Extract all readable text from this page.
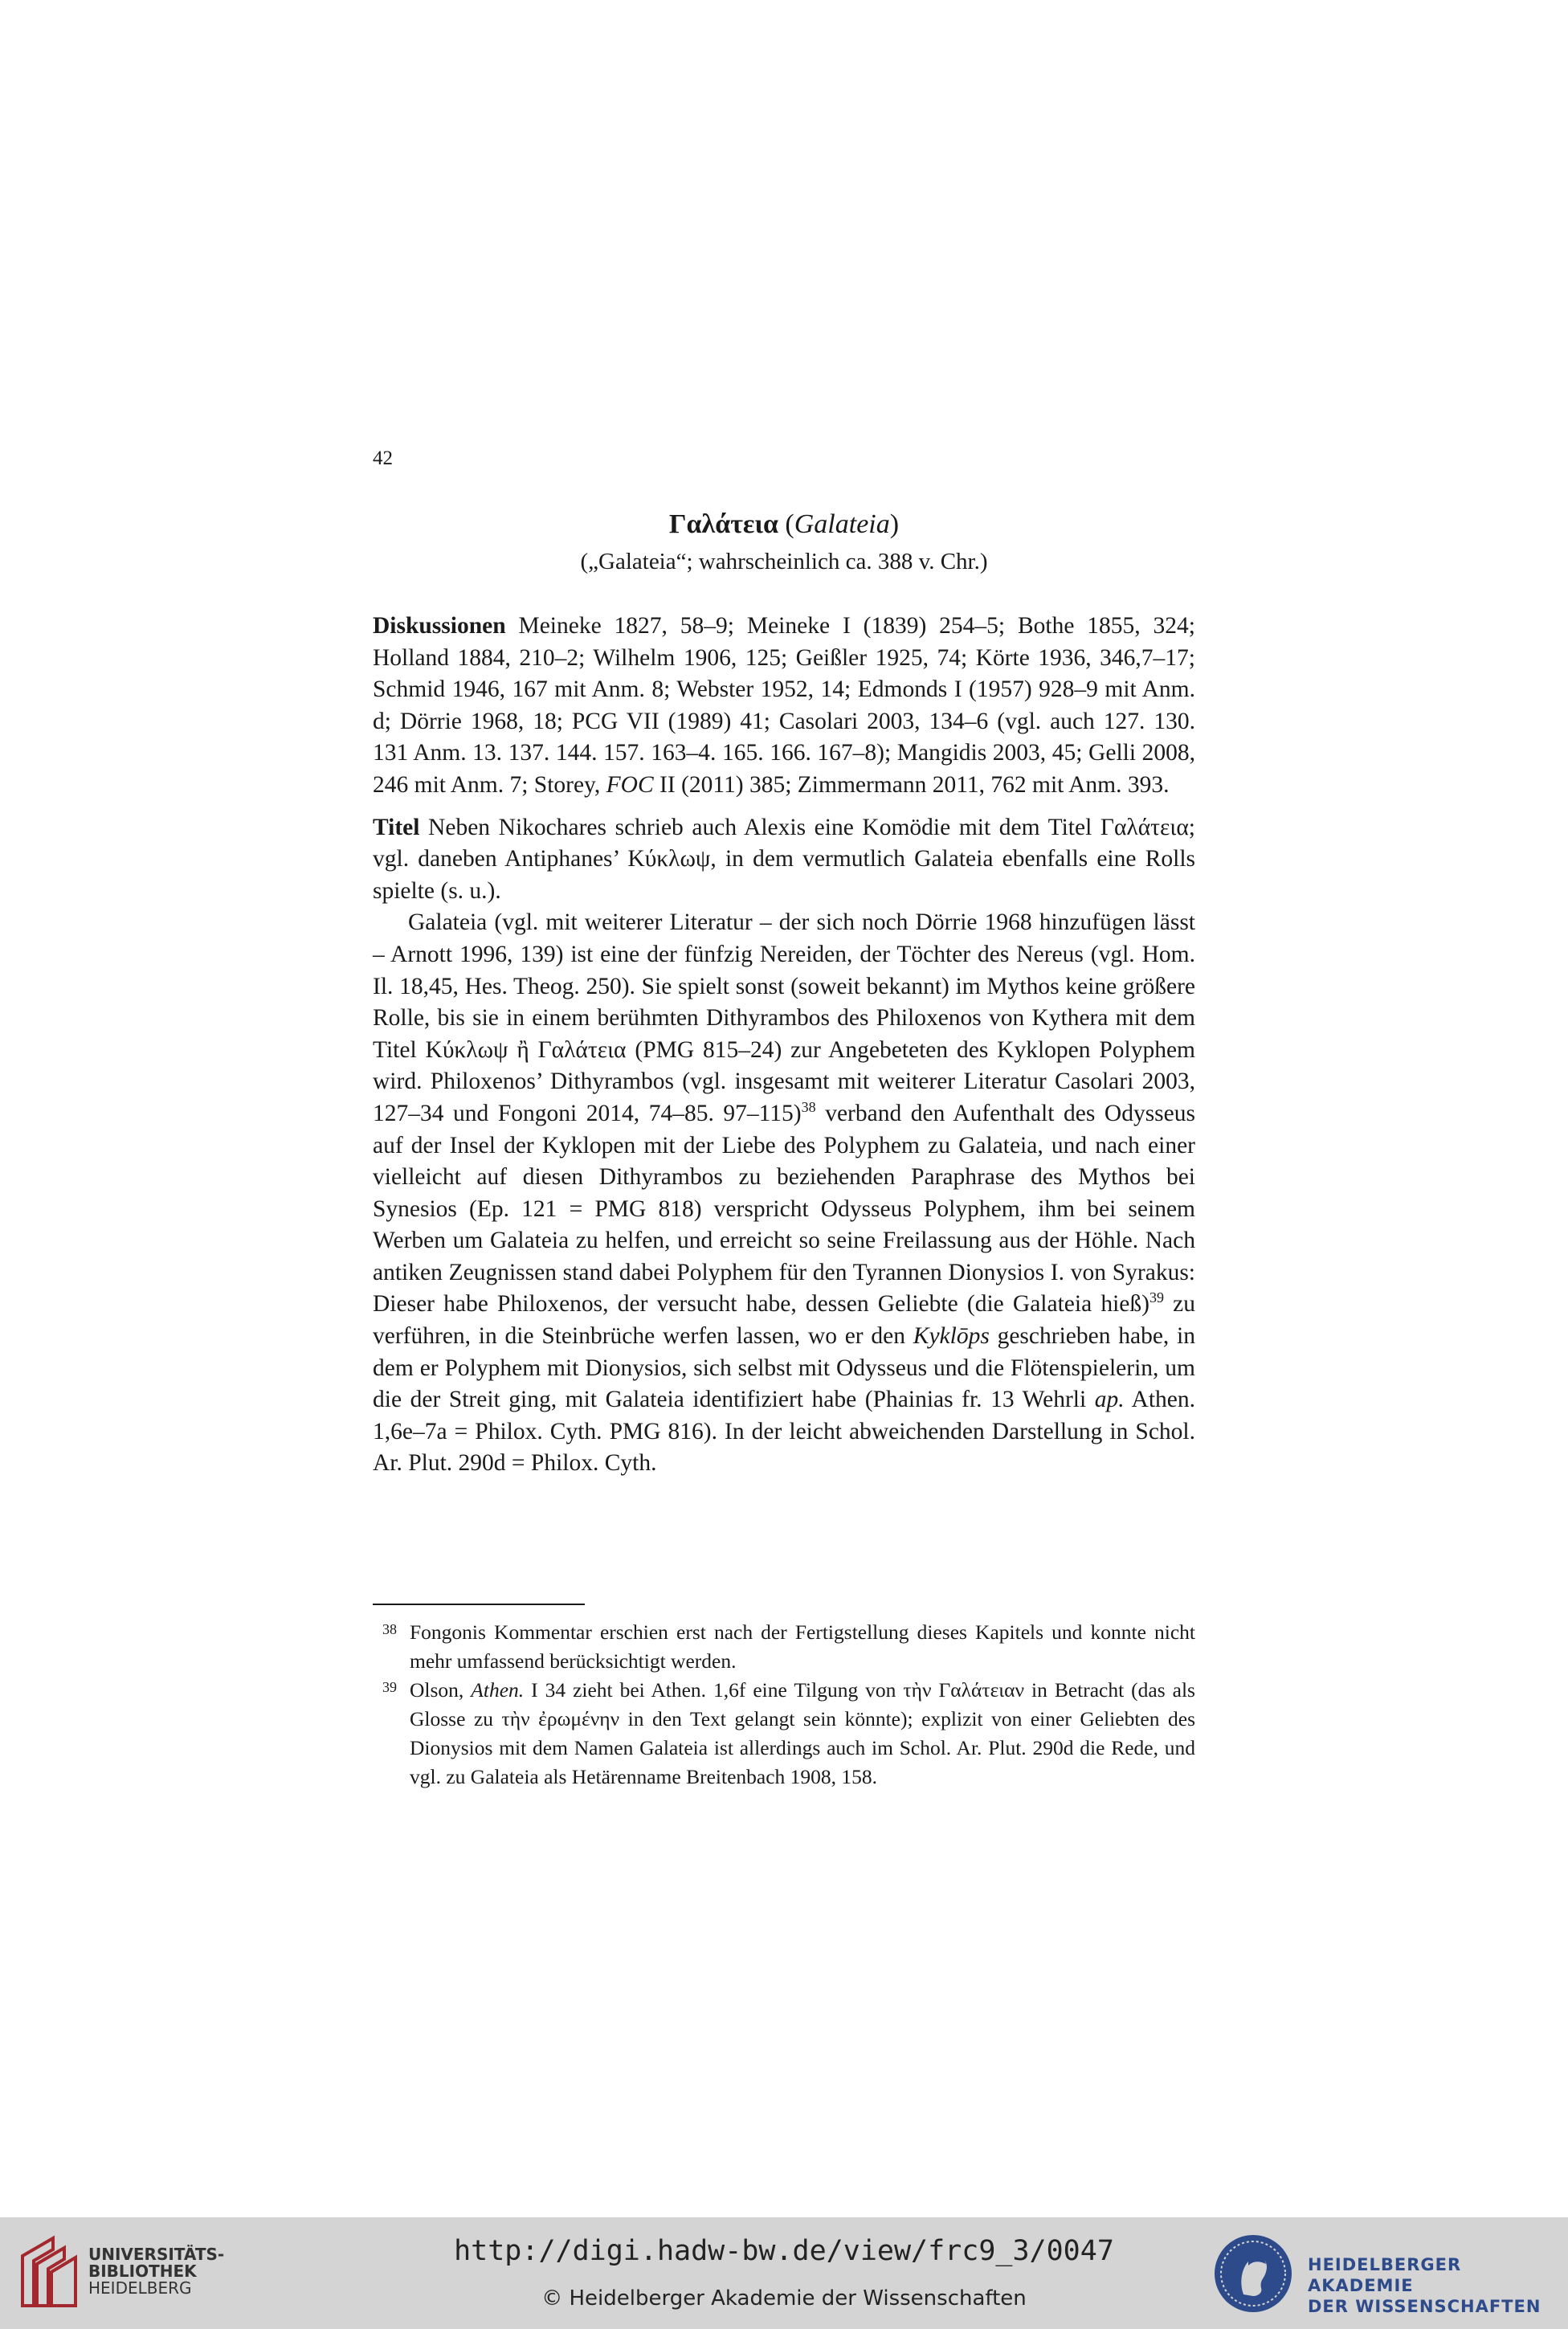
42
Γαλάτεια (Galateia)
(„Galateia“; wahrscheinlich ca. 388 v. Chr.)

Diskussionen Meineke 1827, 58–9; Meineke I (1839) 254–5; Bothe 1855, 324; Holland 1884, 210–2; Wilhelm 1906, 125; Geißler 1925, 74; Körte 1936, 346,7–17; Schmid 1946, 167 mit Anm. 8; Webster 1952, 14; Edmonds I (1957) 928–9 mit Anm. d; Dörrie 1968, 18; PCG VII (1989) 41; Casolari 2003, 134–6 (vgl. auch 127. 130. 131 Anm. 13. 137. 144. 157. 163–4. 165. 166. 167–8); Mangidis 2003, 45; Gelli 2008, 246 mit Anm. 7; Storey, FOC II (2011) 385; Zimmermann 2011, 762 mit Anm. 393.

Titel Neben Nikochares schrieb auch Alexis eine Komödie mit dem Titel Γαλάτεια; vgl. daneben Antiphanes’ Κύκλωψ, in dem vermutlich Galateia ebenfalls eine Rolls spielte (s. u.).

Galateia (vgl. mit weiterer Literatur – der sich noch Dörrie 1968 hinzufügen lässt – Arnott 1996, 139) ist eine der fünfzig Nereiden, der Töchter des Nereus (vgl. Hom. Il. 18,45, Hes. Theog. 250). Sie spielt sonst (soweit bekannt) im Mythos keine größere Rolle, bis sie in einem berühmten Dithyrambos des Philoxenos von Kythera mit dem Titel Κύκλωψ ἢ Γαλάτεια (PMG 815–24) zur Angebeteten des Kyklopen Polyphem wird. Philoxenos’ Dithyrambos (vgl. insgesamt mit weiterer Literatur Casolari 2003, 127–34 und Fongoni 2014, 74–85. 97–115)$^{38}$ verband den Aufenthalt des Odysseus auf der Insel der Kyklopen mit der Liebe des Polyphem zu Galateia, und nach einer vielleicht auf diesen Dithyrambos zu beziehenden Paraphrase des Mythos bei Synesios (Ep. 121 = PMG 818) verspricht Odysseus Polyphem, ihm bei seinem Werben um Galateia zu helfen, und erreicht so seine Freilassung aus der Höhle. Nach antiken Zeugnissen stand dabei Polyphem für den Tyrannen Dionysios I. von Syrakus: Dieser habe Philoxenos, der versucht habe, dessen Geliebte (die Galateia hieß)$^{39}$ zu verführen, in die Steinbrüche werfen lassen, wo er den Kyklōps geschrieben habe, in dem er Polyphem mit Dionysios, sich selbst mit Odysseus und die Flötenspielerin, um die der Streit ging, mit Galateia identifiziert habe (Phainias fr. 13 Wehrli ap. Athen. 1,6e–7a = Philox. Cyth. PMG 816). In der leicht abweichenden Darstellung in Schol. Ar. Plut. 290d = Philox. Cyth.

38 Fongonis Kommentar erschien erst nach der Fertigstellung dieses Kapitels und konnte nicht mehr umfassend berücksichtigt werden.

39 Olson, Athen. I 34 zieht bei Athen. 1,6f eine Tilgung von τὴν Γαλάτειαν in Betracht (das als Glosse zu τὴν ἐρωμένην in den Text gelangt sein könnte); explizit von einer Geliebten des Dionysios mit dem Namen Galateia ist allerdings auch im Schol. Ar. Plut. 290d die Rede, und vgl. zu Galateia als Hetärenname Breitenbach 1908, 158.

UNIVERSITÄTS-
BIBLIOTHEK
HEIDELBERG
http://digi.hadw-bw.de/view/frc9_3/0047
© Heidelberger Akademie der Wissenschaften
HEIDELBERGER AKADEMIE
DER WISSENSCHAFTEN
